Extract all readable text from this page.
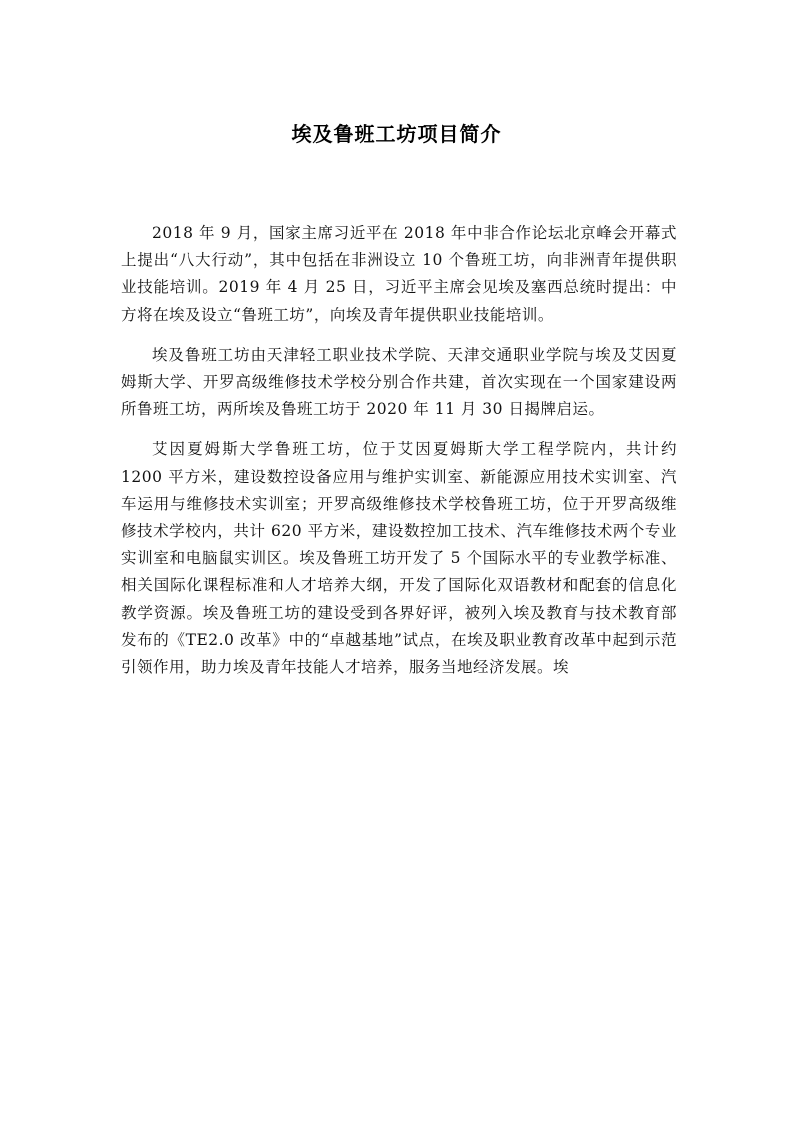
埃及鲁班工坊项目简介

2018 年 9 月，国家主席习近平在 2018 年中非合作论坛北京峰会开幕式上提出“八大行动”，其中包括在非洲设立 10 个鲁班工坊，向非洲青年提供职业技能培训。2019 年 4 月 25 日，习近平主席会见埃及塞西总统时提出：中方将在埃及设立“鲁班工坊”，向埃及青年提供职业技能培训。

埃及鲁班工坊由天津轻工职业技术学院、天津交通职业学院与埃及艾因夏姆斯大学、开罗高级维修技术学校分别合作共建，首次实现在一个国家建设两所鲁班工坊，两所埃及鲁班工坊于 2020 年 11 月 30 日揭牌启运。

艾因夏姆斯大学鲁班工坊，位于艾因夏姆斯大学工程学院内，共计约 1200 平方米，建设数控设备应用与维护实训室、新能源应用技术实训室、汽车运用与维修技术实训室；开罗高级维修技术学校鲁班工坊，位于开罗高级维修技术学校内，共计 620 平方米，建设数控加工技术、汽车维修技术两个专业实训室和电脑鼠实训区。埃及鲁班工坊开发了 5 个国际水平的专业教学标准、相关国际化课程标准和人才培养大纲，开发了国际化双语教材和配套的信息化教学资源。埃及鲁班工坊的建设受到各界好评，被列入埃及教育与技术教育部发布的《TE2.0 改革》中的“卓越基地”试点，在埃及职业教育改革中起到示范引领作用，助力埃及青年技能人才培养，服务当地经济发展。埃
